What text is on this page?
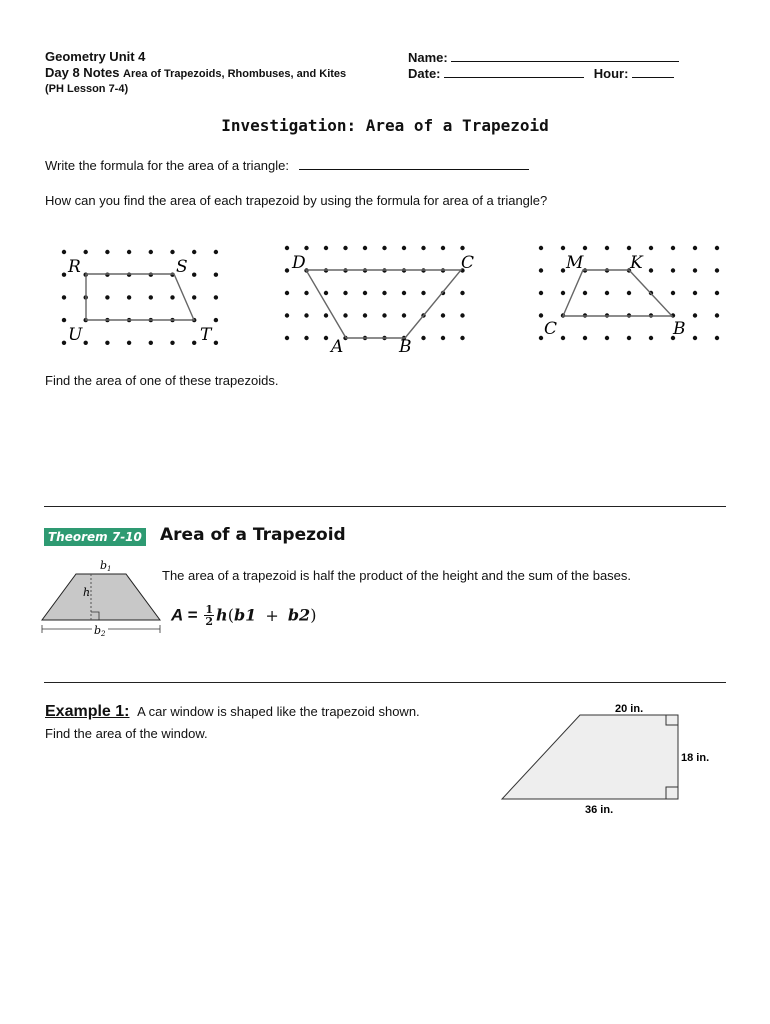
Geometry Unit 4
Day 8 Notes Area of Trapezoids, Rhombuses, and Kites
(PH Lesson 7-4)
Name:
Date:	Hour:
Investigation: Area of a Trapezoid
Write the formula for the area of a triangle:
How can you find the area of each trapezoid by using the formula for area of a triangle?
R	S
U	T
D	C
A	B
M	K
C	B
Find the area of one of these trapezoids.
Theorem 7-10 Area of a Trapezoid
b1
h
b2
The area of a trapezoid is half the product of the height and the sum of the bases.
$A = \frac{1}{2} h(b1 + b2)$
Example 1: A car window is shaped like the trapezoid shown.
Find the area of the window.
20 in.
18 in.
36 in.
